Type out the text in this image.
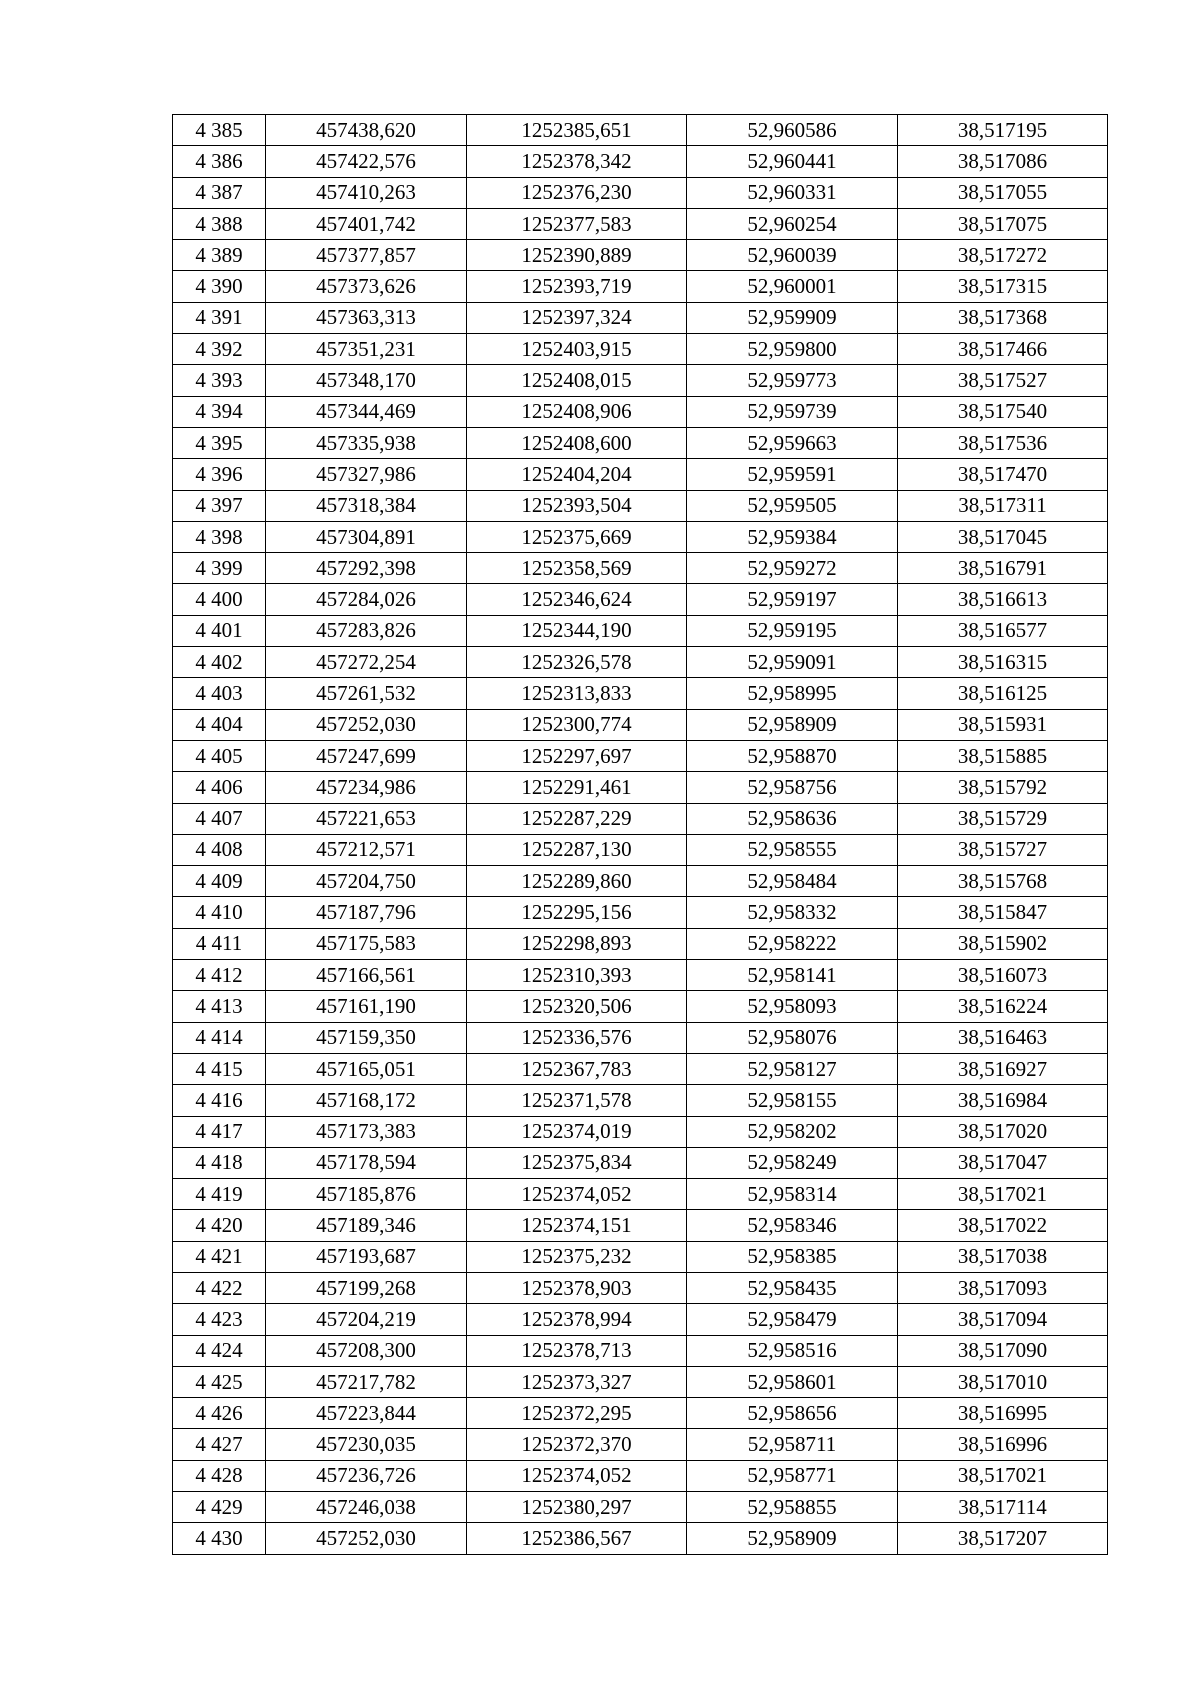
4 385	457438,620	1252385,651	52,960586	38,517195
4 386	457422,576	1252378,342	52,960441	38,517086
4 387	457410,263	1252376,230	52,960331	38,517055
4 388	457401,742	1252377,583	52,960254	38,517075
4 389	457377,857	1252390,889	52,960039	38,517272
4 390	457373,626	1252393,719	52,960001	38,517315
4 391	457363,313	1252397,324	52,959909	38,517368
4 392	457351,231	1252403,915	52,959800	38,517466
4 393	457348,170	1252408,015	52,959773	38,517527
4 394	457344,469	1252408,906	52,959739	38,517540
4 395	457335,938	1252408,600	52,959663	38,517536
4 396	457327,986	1252404,204	52,959591	38,517470
4 397	457318,384	1252393,504	52,959505	38,517311
4 398	457304,891	1252375,669	52,959384	38,517045
4 399	457292,398	1252358,569	52,959272	38,516791
4 400	457284,026	1252346,624	52,959197	38,516613
4 401	457283,826	1252344,190	52,959195	38,516577
4 402	457272,254	1252326,578	52,959091	38,516315
4 403	457261,532	1252313,833	52,958995	38,516125
4 404	457252,030	1252300,774	52,958909	38,515931
4 405	457247,699	1252297,697	52,958870	38,515885
4 406	457234,986	1252291,461	52,958756	38,515792
4 407	457221,653	1252287,229	52,958636	38,515729
4 408	457212,571	1252287,130	52,958555	38,515727
4 409	457204,750	1252289,860	52,958484	38,515768
4 410	457187,796	1252295,156	52,958332	38,515847
4 411	457175,583	1252298,893	52,958222	38,515902
4 412	457166,561	1252310,393	52,958141	38,516073
4 413	457161,190	1252320,506	52,958093	38,516224
4 414	457159,350	1252336,576	52,958076	38,516463
4 415	457165,051	1252367,783	52,958127	38,516927
4 416	457168,172	1252371,578	52,958155	38,516984
4 417	457173,383	1252374,019	52,958202	38,517020
4 418	457178,594	1252375,834	52,958249	38,517047
4 419	457185,876	1252374,052	52,958314	38,517021
4 420	457189,346	1252374,151	52,958346	38,517022
4 421	457193,687	1252375,232	52,958385	38,517038
4 422	457199,268	1252378,903	52,958435	38,517093
4 423	457204,219	1252378,994	52,958479	38,517094
4 424	457208,300	1252378,713	52,958516	38,517090
4 425	457217,782	1252373,327	52,958601	38,517010
4 426	457223,844	1252372,295	52,958656	38,516995
4 427	457230,035	1252372,370	52,958711	38,516996
4 428	457236,726	1252374,052	52,958771	38,517021
4 429	457246,038	1252380,297	52,958855	38,517114
4 430	457252,030	1252386,567	52,958909	38,517207
